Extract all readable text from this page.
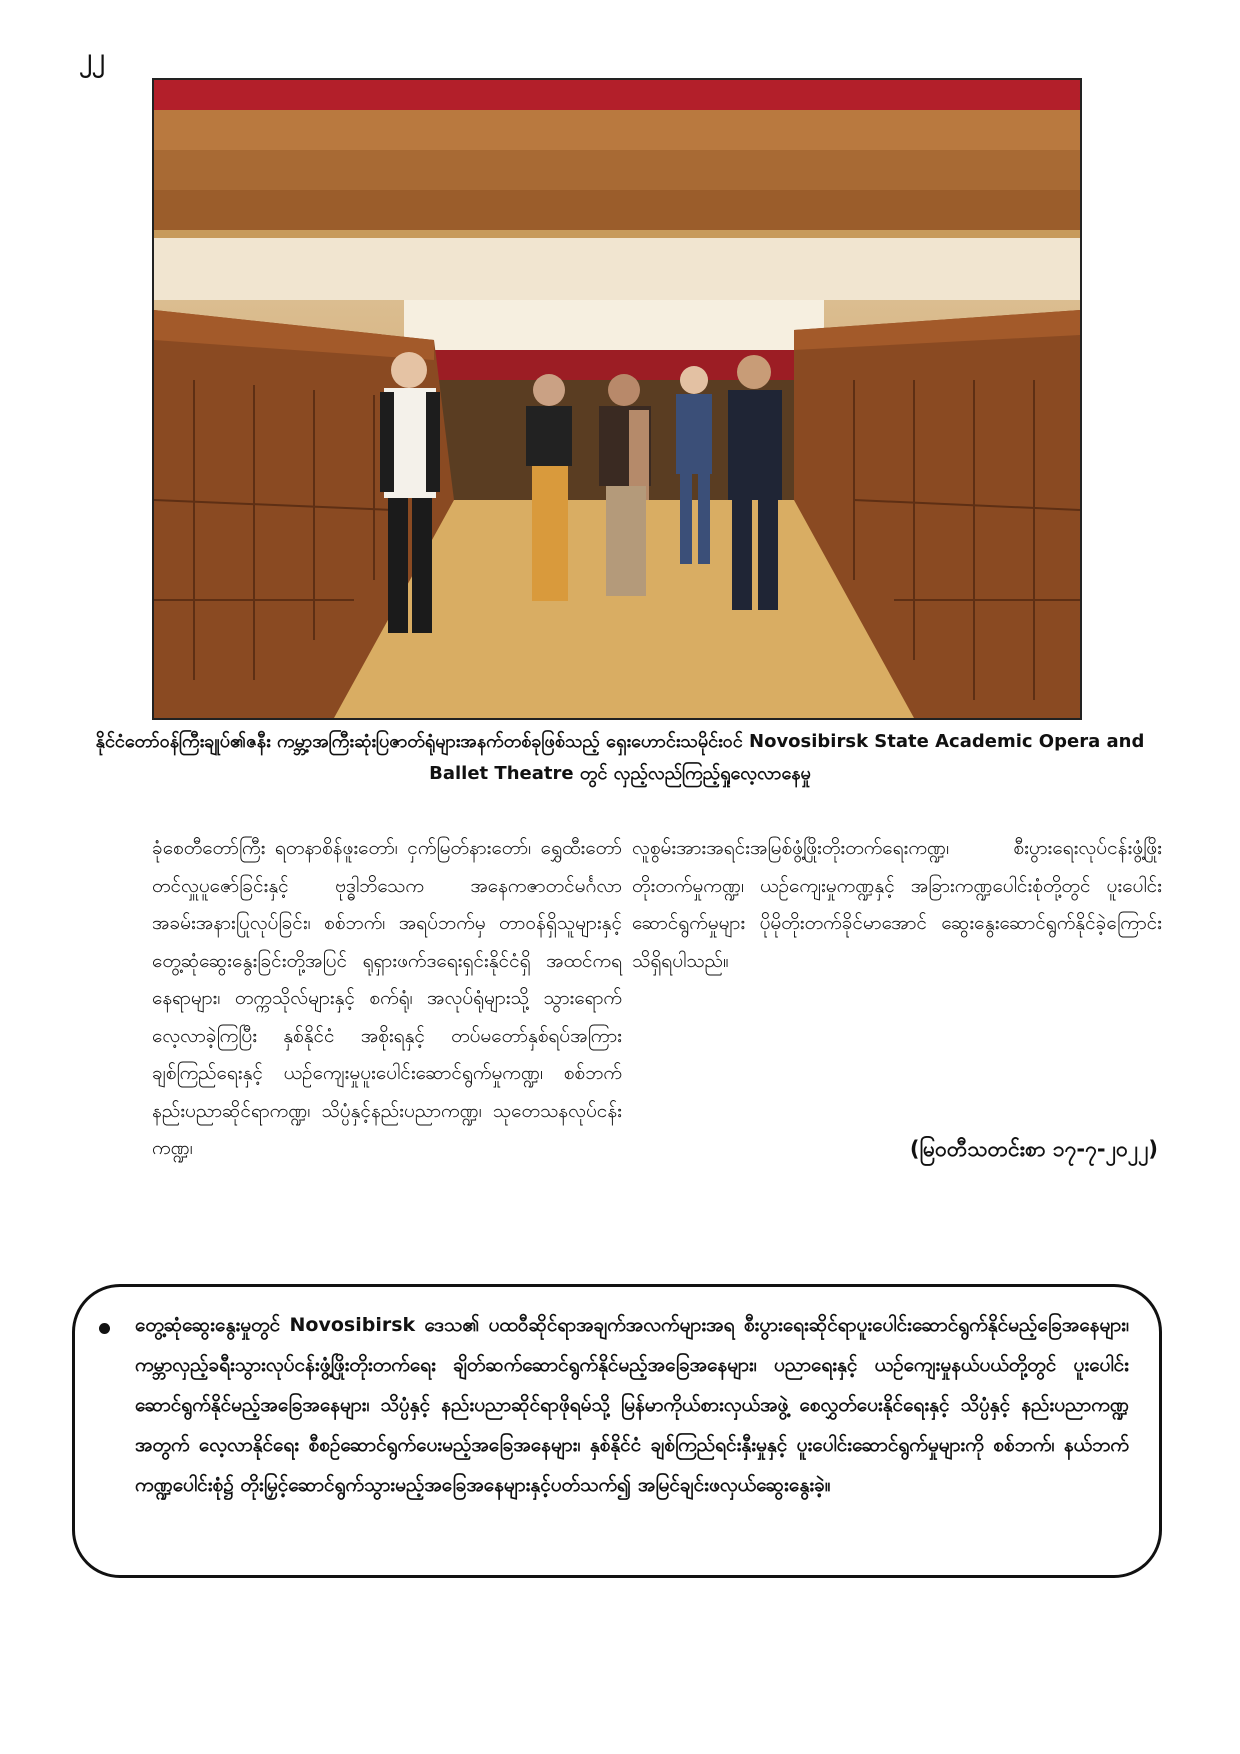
၂၂
နိုင်ငံတော်ဝန်ကြီးချုပ်၏ဇနီး ကမ္ဘာ့အကြီးဆုံးပြဇာတ်ရုံများအနက်တစ်ခုဖြစ်သည့် ရှေးဟောင်းသမိုင်းဝင် Novosibirsk State Academic Opera and Ballet Theatre တွင် လှည့်လည်ကြည့်ရှုလေ့လာနေမှု

ခုံစေတီတော်ကြီး ရတနာစိန်ဖူးတော်၊ ငှက်မြတ်နားတော်၊ ရွှေထီးတော်တင်လှူပူဇော်ခြင်းနှင့် ဗုဒ္ဓါဘိသေက အနေကဇာတင်မင်္ဂလာအခမ်းအနားပြုလုပ်ခြင်း၊ စစ်ဘက်၊ အရပ်ဘက်မှ တာဝန်ရှိသူများနှင့် တွေ့ဆုံဆွေးနွေးခြင်းတို့အပြင် ရုရှားဖက်ဒရေးရှင်းနိုင်ငံရှိ အထင်ကရနေရာများ၊ တက္ကသိုလ်များနှင့် စက်ရုံ၊ အလုပ်ရုံများသို့ သွားရောက်လေ့လာခဲ့ကြပြီး နှစ်နိုင်ငံ အစိုးရနှင့် တပ်မတော်နှစ်ရပ်အကြား ချစ်ကြည်ရေးနှင့် ယဉ်ကျေးမှုပူးပေါင်းဆောင်ရွက်မှုကဏ္ဍ၊ စစ်ဘက်နည်းပညာဆိုင်ရာကဏ္ဍ၊ သိပ္ပံနှင့်နည်းပညာကဏ္ဍ၊ သုတေသနလုပ်ငန်းကဏ္ဍ၊

လူစွမ်းအားအရင်းအမြစ်ဖွံ့ဖြိုးတိုးတက်ရေးကဏ္ဍ၊ စီးပွားရေးလုပ်ငန်းဖွံ့ဖြိုးတိုးတက်မှုကဏ္ဍ၊ ယဉ်ကျေးမှုကဏ္ဍနှင့် အခြားကဏ္ဍပေါင်းစုံတို့တွင် ပူးပေါင်းဆောင်ရွက်မှုများ ပိုမိုတိုးတက်ခိုင်မာအောင် ဆွေးနွေးဆောင်ရွက်နိုင်ခဲ့ကြောင်း သိရှိရပါသည်။

(မြဝတီသတင်းစာ ၁၇-၇-၂၀၂၂)
တွေ့ဆုံဆွေးနွေးမှုတွင် Novosibirsk ဒေသ၏ ပထဝီဆိုင်ရာအချက်အလက်များအရ စီးပွားရေးဆိုင်ရာပူးပေါင်းဆောင်ရွက်နိုင်မည့်ခြေအနေများ၊ ကမ္ဘာလှည့်ခရီးသွားလုပ်ငန်းဖွံ့ဖြိုးတိုးတက်ရေး ချိတ်ဆက်ဆောင်ရွက်နိုင်မည့်အခြေအနေများ၊ ပညာရေးနှင့် ယဉ်ကျေးမှုနယ်ပယ်တို့တွင် ပူးပေါင်းဆောင်ရွက်နိုင်မည့်အခြေအနေများ၊ သိပ္ပံနှင့် နည်းပညာဆိုင်ရာဖိုရမ်သို့ မြန်မာကိုယ်စားလှယ်အဖွဲ့ စေလွှတ်ပေးနိုင်ရေးနှင့် သိပ္ပံနှင့် နည်းပညာကဏ္ဍအတွက် လေ့လာနိုင်ရေး စီစဉ်ဆောင်ရွက်ပေးမည့်အခြေအနေများ၊ နှစ်နိုင်ငံ ချစ်ကြည်ရင်းနှီးမှုနှင့် ပူးပေါင်းဆောင်ရွက်မှုများကို စစ်ဘက်၊ နယ်ဘက်ကဏ္ဍပေါင်းစုံ၌ တိုးမြှင့်ဆောင်ရွက်သွားမည့်အခြေအနေများနှင့်ပတ်သက်၍ အမြင်ချင်းဖလှယ်ဆွေးနွေးခဲ့။
